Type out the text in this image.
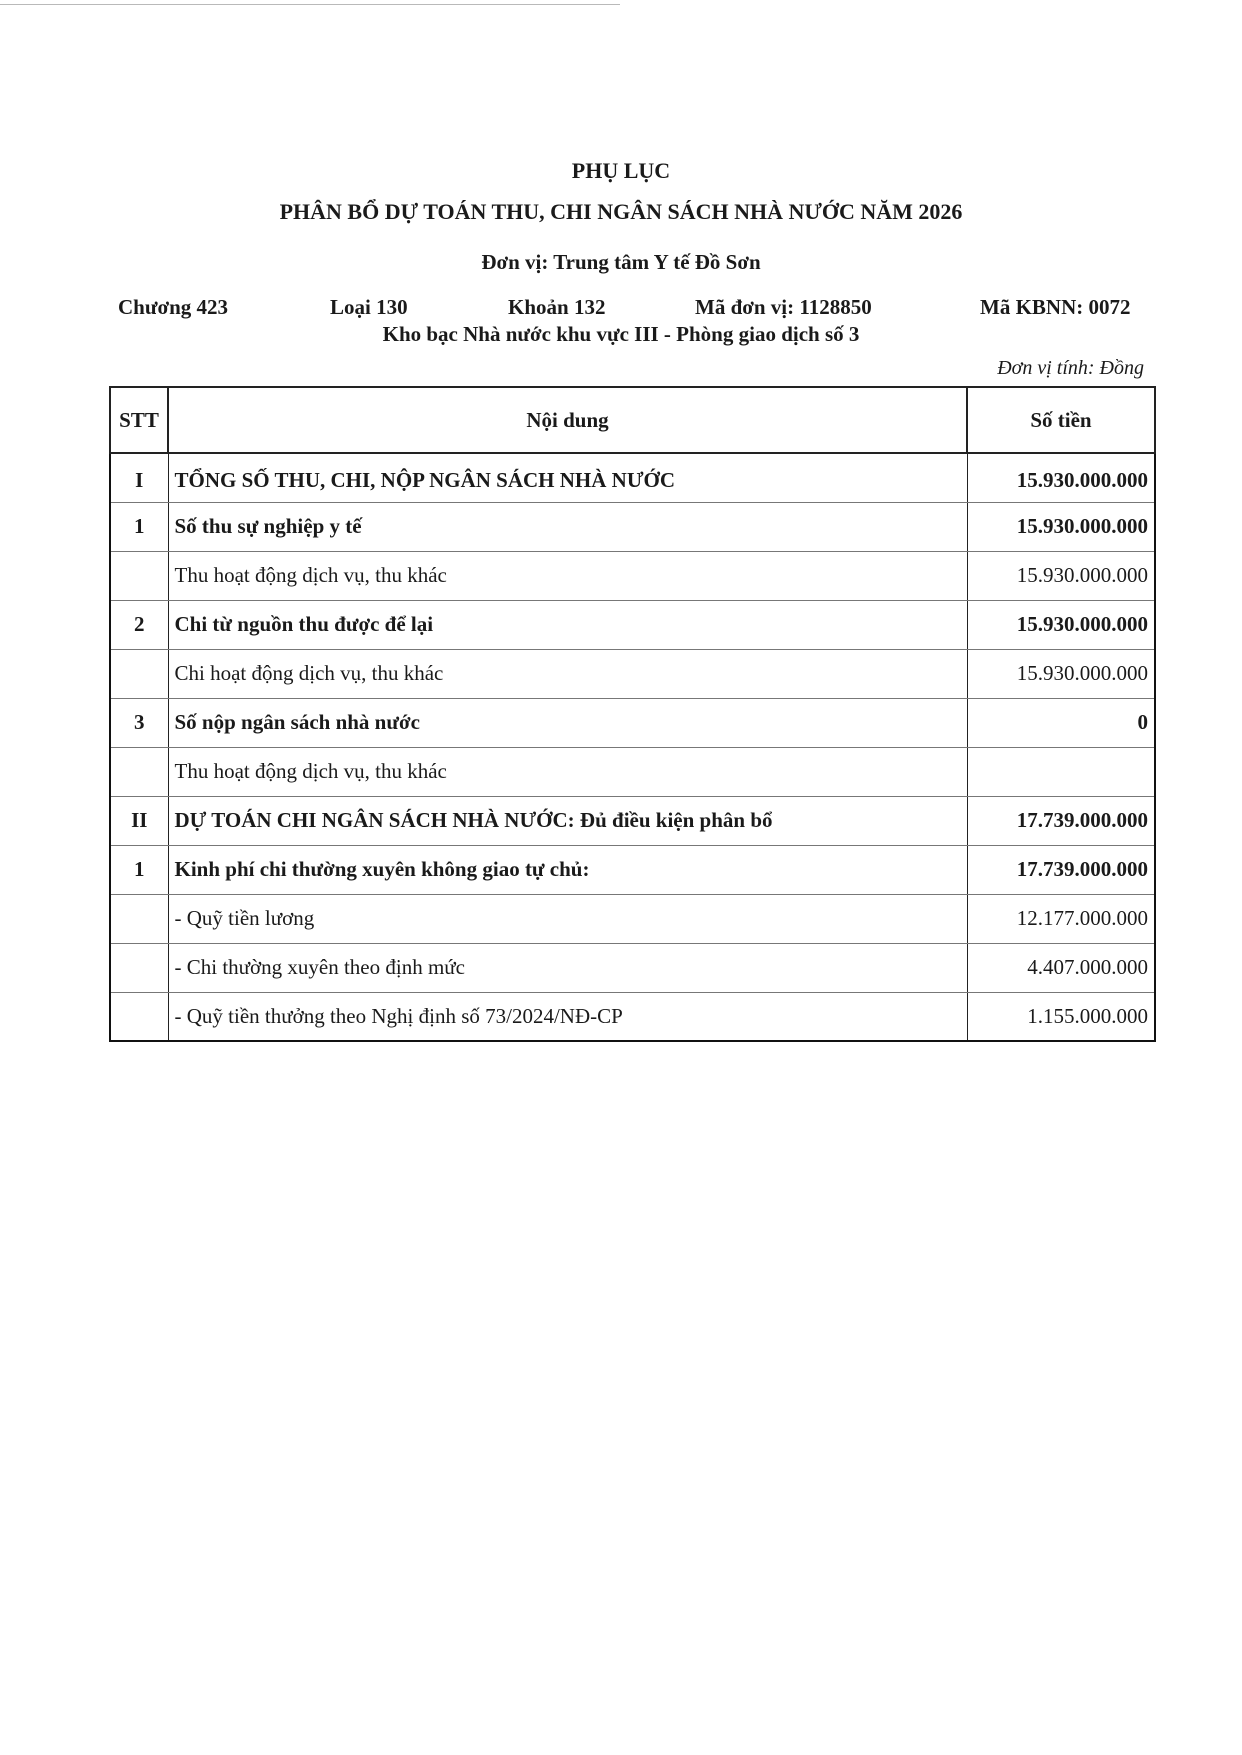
PHỤ LỤC
PHÂN BỔ DỰ TOÁN THU, CHI NGÂN SÁCH NHÀ NƯỚC NĂM 2026
Đơn vị: Trung tâm Y tế Đồ Sơn
Chương 423	Loại 130	Khoản 132	Mã đơn vị: 1128850	Mã KBNN: 0072
Kho bạc Nhà nước khu vực III - Phòng giao dịch số 3
Đơn vị tính: Đồng
STT	Nội dung	Số tiền
I	TỔNG SỐ THU, CHI, NỘP NGÂN SÁCH NHÀ NƯỚC	15.930.000.000
1	Số thu sự nghiệp y tế	15.930.000.000
	Thu hoạt động dịch vụ, thu khác	15.930.000.000
2	Chi từ nguồn thu được để lại	15.930.000.000
	Chi hoạt động dịch vụ, thu khác	15.930.000.000
3	Số nộp ngân sách nhà nước	0
	Thu hoạt động dịch vụ, thu khác	
II	DỰ TOÁN CHI NGÂN SÁCH NHÀ NƯỚC: Đủ điều kiện phân bổ	17.739.000.000
1	Kinh phí chi thường xuyên không giao tự chủ:	17.739.000.000
	- Quỹ tiền lương	12.177.000.000
	- Chi thường xuyên theo định mức	4.407.000.000
	- Quỹ tiền thưởng theo Nghị định số 73/2024/NĐ-CP	1.155.000.000
